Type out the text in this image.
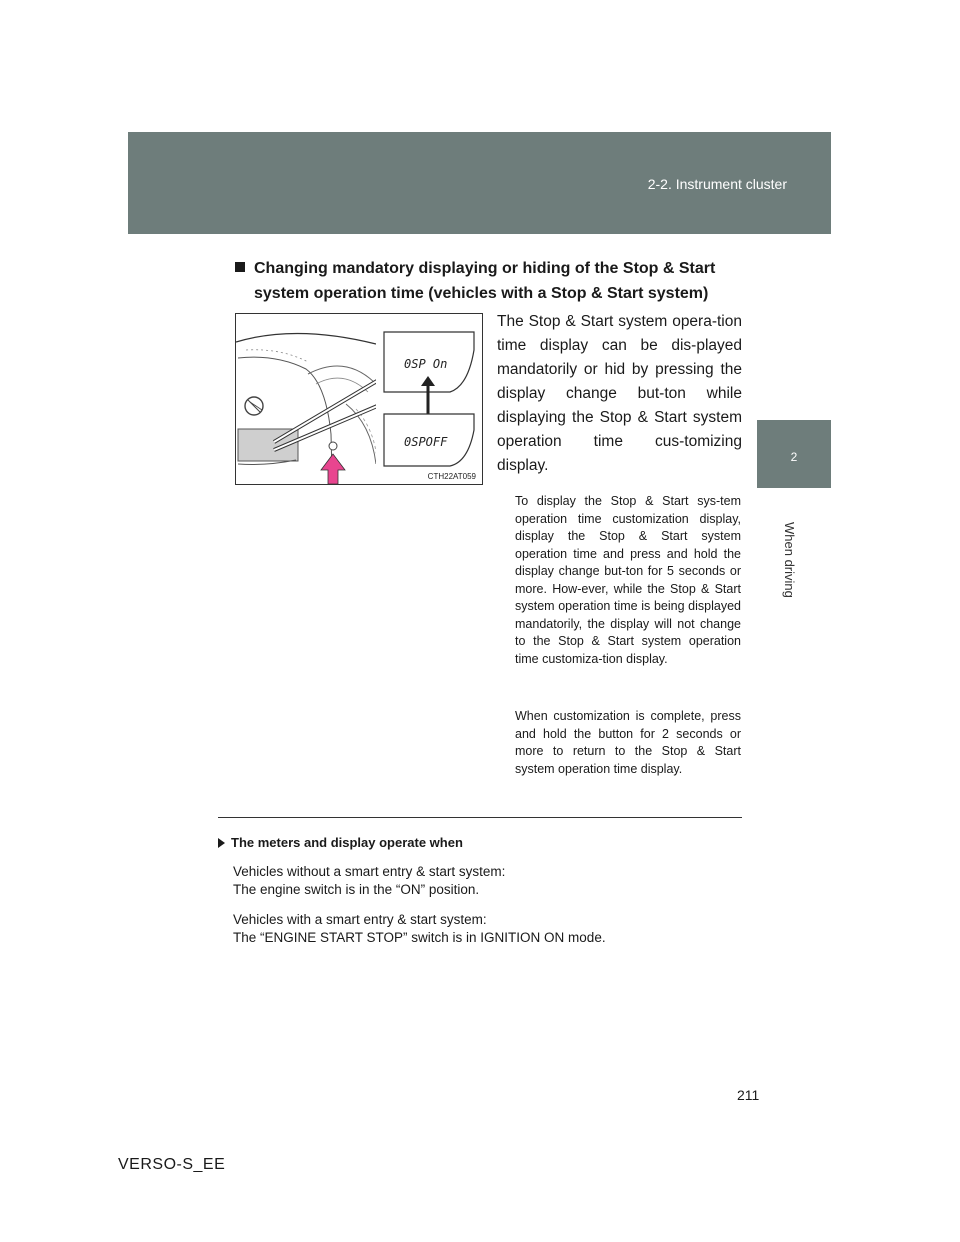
2-2. Instrument cluster
2
When driving
Changing mandatory displaying or hiding of the Stop & Start system operation time (vehicles with a Stop & Start system)
0SP On
0SPOFF
CTH22AT059

The Stop & Start system opera-tion time display can be dis-played mandatorily or hid by pressing the display change but-ton while displaying the Stop & Start system operation time cus-tomizing display.

To display the Stop & Start sys-tem operation time customization display, display the Stop & Start system operation time and press and hold the display change but-ton for 5 seconds or more. How-ever, while the Stop & Start system operation time is being displayed mandatorily, the display will not change to the Stop & Start system operation time customiza-tion display.

When customization is complete, press and hold the button for 2 seconds or more to return to the Stop & Start system operation time display.

The meters and display operate when
Vehicles without a smart entry & start system:
The engine switch is in the “ON” position.
Vehicles with a smart entry & start system:
The “ENGINE START STOP” switch is in IGNITION ON mode.
211
VERSO-S_EE
